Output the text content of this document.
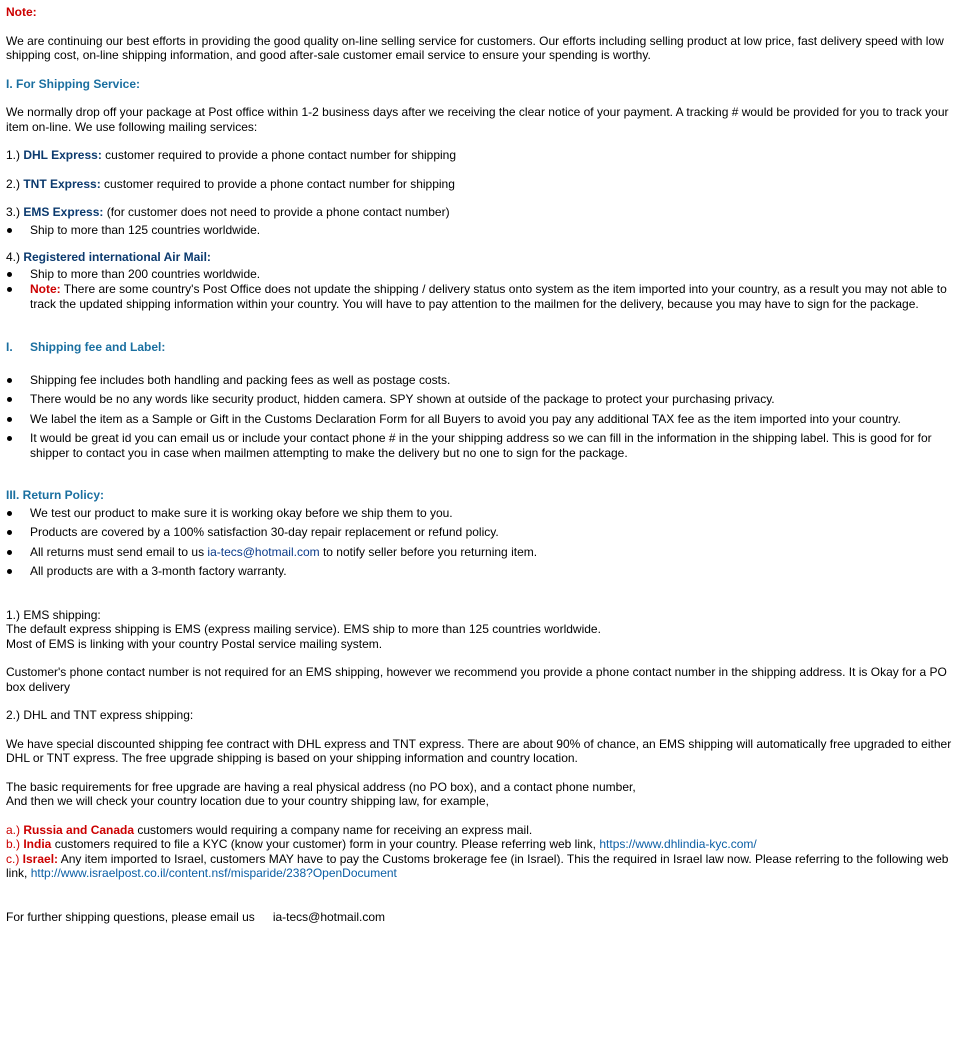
Note:

We are continuing our best efforts in providing the good quality on-line selling service for customers. Our efforts including selling product at low price, fast delivery speed with low shipping cost, on-line shipping information, and good after-sale customer email service to ensure your spending is worthy.

I. For Shipping Service:

We normally drop off your package at Post office within 1-2 business days after we receiving the clear notice of your payment. A tracking # would be provided for you to track your item on-line. We use following mailing services:

1.) DHL Express: customer required to provide a phone contact number for shipping

2.) TNT Express: customer required to provide a phone contact number for shipping

3.) EMS Express: (for customer does not need to provide a phone contact number)

Ship to more than 125 countries worldwide.

4.) Registered international Air Mail:

Ship to more than 200 countries worldwide.
Note: There are some country's Post Office does not update the shipping / delivery status onto system as the item imported into your country, as a result you may not able to track the updated shipping information within your country. You will have to pay attention to the mailmen for the delivery, because you may have to sign for the package.

I. Shipping fee and Label:

Shipping fee includes both handling and packing fees as well as postage costs.
There would be no any words like security product, hidden camera. SPY shown at outside of the package to protect your purchasing privacy.
We label the item as a Sample or Gift in the Customs Declaration Form for all Buyers to avoid you pay any additional TAX fee as the item imported into your country.
It would be great id you can email us or include your contact phone # in the your shipping address so we can fill in the information in the shipping label. This is good for for shipper to contact you in case when mailmen attempting to make the delivery but no one to sign for the package.

III. Return Policy:

We test our product to make sure it is working okay before we ship them to you.
Products are covered by a 100% satisfaction 30-day repair replacement or refund policy.
All returns must send email to us ia-tecs@hotmail.com to notify seller before you returning item.
All products are with a 3-month factory warranty.

1.) EMS shipping:

The default express shipping is EMS (express mailing service). EMS ship to more than 125 countries worldwide.

Most of EMS is linking with your country Postal service mailing system.

Customer's phone contact number is not required for an EMS shipping, however we recommend you provide a phone contact number in the shipping address. It is Okay for a PO box delivery

2.) DHL and TNT express shipping:

We have special discounted shipping fee contract with DHL express and TNT express. There are about 90% of chance, an EMS shipping will automatically free upgraded to either DHL or TNT express. The free upgrade shipping is based on your shipping information and country location.

The basic requirements for free upgrade are having a real physical address (no PO box), and a contact phone number,

And then we will check your country location due to your country shipping law, for example,

a.) Russia and Canada customers would requiring a company name for receiving an express mail.

b.) India customers required to file a KYC (know your customer) form in your country. Please referring web link, https://www.dhlindia-kyc.com/

c.) Israel: Any item imported to Israel, customers MAY have to pay the Customs brokerage fee (in Israel). This the required in Israel law now. Please referring to the following web link, http://www.israelpost.co.il/content.nsf/misparide/238?OpenDocument

For further shipping questions, please email us ia-tecs@hotmail.com
